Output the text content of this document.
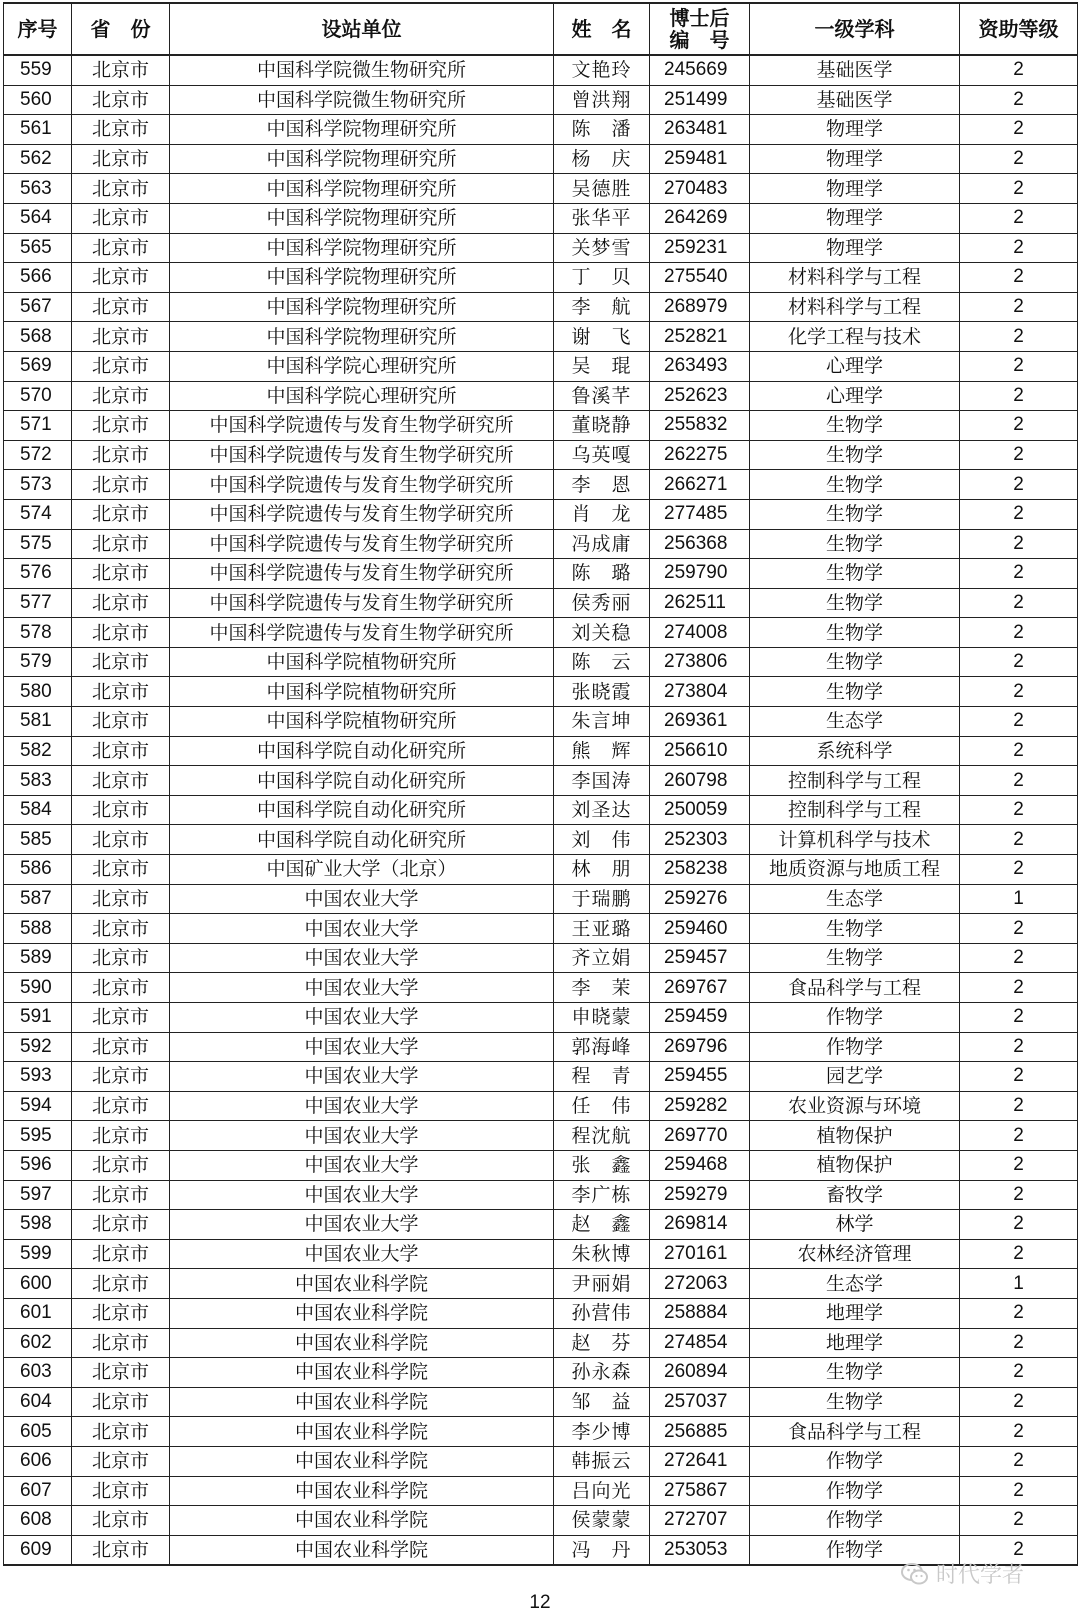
序号	省　份	设站单位	姓　名	博士后
编　号	一级学科	资助等级
559	北京市	中国科学院微生物研究所	文艳玲	245669	基础医学	2
560	北京市	中国科学院微生物研究所	曾洪翔	251499	基础医学	2
561	北京市	中国科学院物理研究所	陈　潘	263481	物理学	2
562	北京市	中国科学院物理研究所	杨　庆	259481	物理学	2
563	北京市	中国科学院物理研究所	吴德胜	270483	物理学	2
564	北京市	中国科学院物理研究所	张华平	264269	物理学	2
565	北京市	中国科学院物理研究所	关梦雪	259231	物理学	2
566	北京市	中国科学院物理研究所	丁　贝	275540	材料科学与工程	2
567	北京市	中国科学院物理研究所	李　航	268979	材料科学与工程	2
568	北京市	中国科学院物理研究所	谢　飞	252821	化学工程与技术	2
569	北京市	中国科学院心理研究所	吴　琨	263493	心理学	2
570	北京市	中国科学院心理研究所	鲁溪芊	252623	心理学	2
571	北京市	中国科学院遗传与发育生物学研究所	董晓静	255832	生物学	2
572	北京市	中国科学院遗传与发育生物学研究所	乌英嘎	262275	生物学	2
573	北京市	中国科学院遗传与发育生物学研究所	李　恩	266271	生物学	2
574	北京市	中国科学院遗传与发育生物学研究所	肖　龙	277485	生物学	2
575	北京市	中国科学院遗传与发育生物学研究所	冯成庸	256368	生物学	2
576	北京市	中国科学院遗传与发育生物学研究所	陈　璐	259790	生物学	2
577	北京市	中国科学院遗传与发育生物学研究所	侯秀丽	262511	生物学	2
578	北京市	中国科学院遗传与发育生物学研究所	刘关稳	274008	生物学	2
579	北京市	中国科学院植物研究所	陈　云	273806	生物学	2
580	北京市	中国科学院植物研究所	张晓霞	273804	生物学	2
581	北京市	中国科学院植物研究所	朱言坤	269361	生态学	2
582	北京市	中国科学院自动化研究所	熊　辉	256610	系统科学	2
583	北京市	中国科学院自动化研究所	李国涛	260798	控制科学与工程	2
584	北京市	中国科学院自动化研究所	刘圣达	250059	控制科学与工程	2
585	北京市	中国科学院自动化研究所	刘　伟	252303	计算机科学与技术	2
586	北京市	中国矿业大学（北京）	林　朋	258238	地质资源与地质工程	2
587	北京市	中国农业大学	于瑞鹏	259276	生态学	1
588	北京市	中国农业大学	王亚璐	259460	生物学	2
589	北京市	中国农业大学	齐立娟	259457	生物学	2
590	北京市	中国农业大学	李　茉	269767	食品科学与工程	2
591	北京市	中国农业大学	申晓蒙	259459	作物学	2
592	北京市	中国农业大学	郭海峰	269796	作物学	2
593	北京市	中国农业大学	程　青	259455	园艺学	2
594	北京市	中国农业大学	任　伟	259282	农业资源与环境	2
595	北京市	中国农业大学	程沈航	269770	植物保护	2
596	北京市	中国农业大学	张　鑫	259468	植物保护	2
597	北京市	中国农业大学	李广栋	259279	畜牧学	2
598	北京市	中国农业大学	赵　鑫	269814	林学	2
599	北京市	中国农业大学	朱秋博	270161	农林经济管理	2
600	北京市	中国农业科学院	尹丽娟	272063	生态学	1
601	北京市	中国农业科学院	孙营伟	258884	地理学	2
602	北京市	中国农业科学院	赵　芬	274854	地理学	2
603	北京市	中国农业科学院	孙永森	260894	生物学	2
604	北京市	中国农业科学院	邹　益	257037	生物学	2
605	北京市	中国农业科学院	李少博	256885	食品科学与工程	2
606	北京市	中国农业科学院	韩振云	272641	作物学	2
607	北京市	中国农业科学院	吕向光	275867	作物学	2
608	北京市	中国农业科学院	侯蒙蒙	272707	作物学	2
609	北京市	中国农业科学院	冯　丹	253053	作物学	2
时代学者
12
